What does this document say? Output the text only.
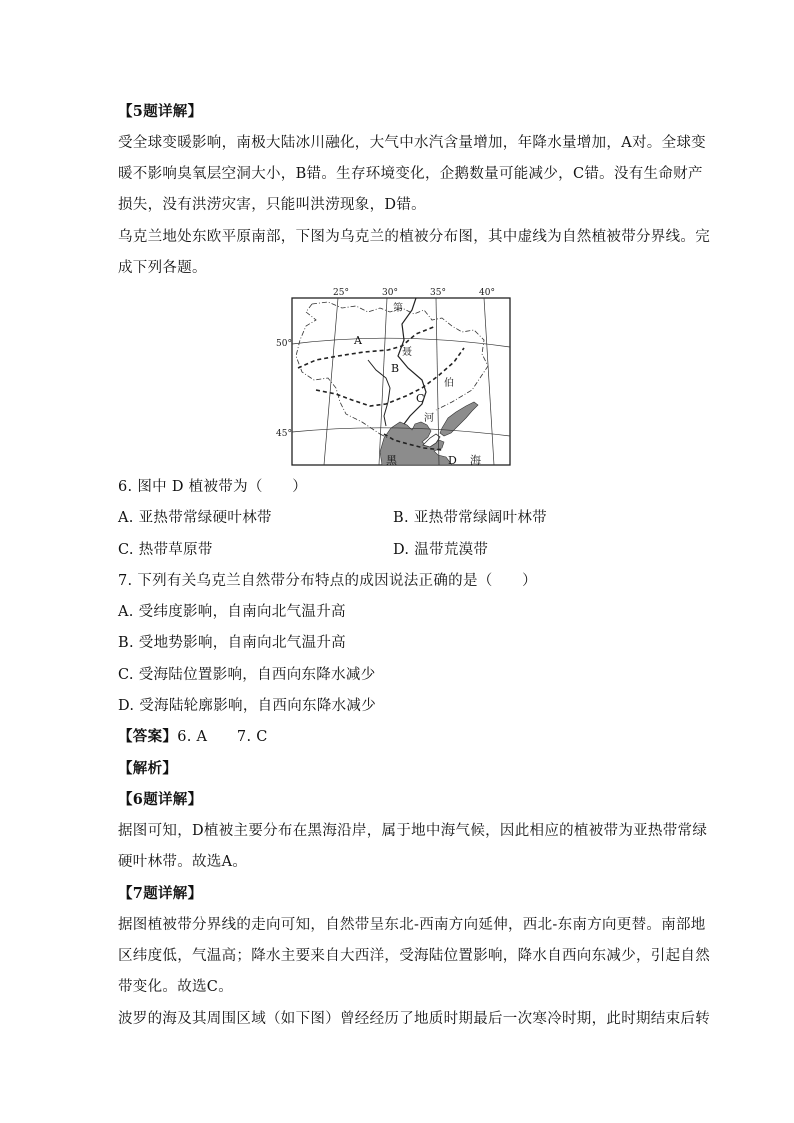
【5题详解】
受全球变暖影响，南极大陆冰川融化，大气中水汽含量增加，年降水量增加，A对。全球变
暖不影响臭氧层空洞大小，B错。生存环境变化，企鹅数量可能减少，C错。没有生命财产
损失，没有洪涝灾害，只能叫洪涝现象，D错。
乌克兰地处东欧平原南部，下图为乌克兰的植被分布图，其中虚线为自然植被带分界线。完
成下列各题。
25°	30°	35°	40°
50°
45°
A
B
C
D
第
聂
伯
河
黑	海
6. 图中 D 植被带为（　　）
A. 亚热带常绿硬叶林带	B. 亚热带常绿阔叶林带
C. 热带草原带	D. 温带荒漠带
7. 下列有关乌克兰自然带分布特点的成因说法正确的是（　　）
A. 受纬度影响，自南向北气温升高
B. 受地势影响，自南向北气温升高
C. 受海陆位置影响，自西向东降水减少
D. 受海陆轮廓影响，自西向东降水减少
【答案】6. A　　7. C
【解析】
【6题详解】
据图可知，D植被主要分布在黑海沿岸，属于地中海气候，因此相应的植被带为亚热带常绿
硬叶林带。故选A。
【7题详解】
据图植被带分界线的走向可知，自然带呈东北-西南方向延伸，西北-东南方向更替。南部地
区纬度低，气温高；降水主要来自大西洋，受海陆位置影响，降水自西向东减少，引起自然
带变化。故选C。
波罗的海及其周围区域（如下图）曾经经历了地质时期最后一次寒冷时期，此时期结束后转
